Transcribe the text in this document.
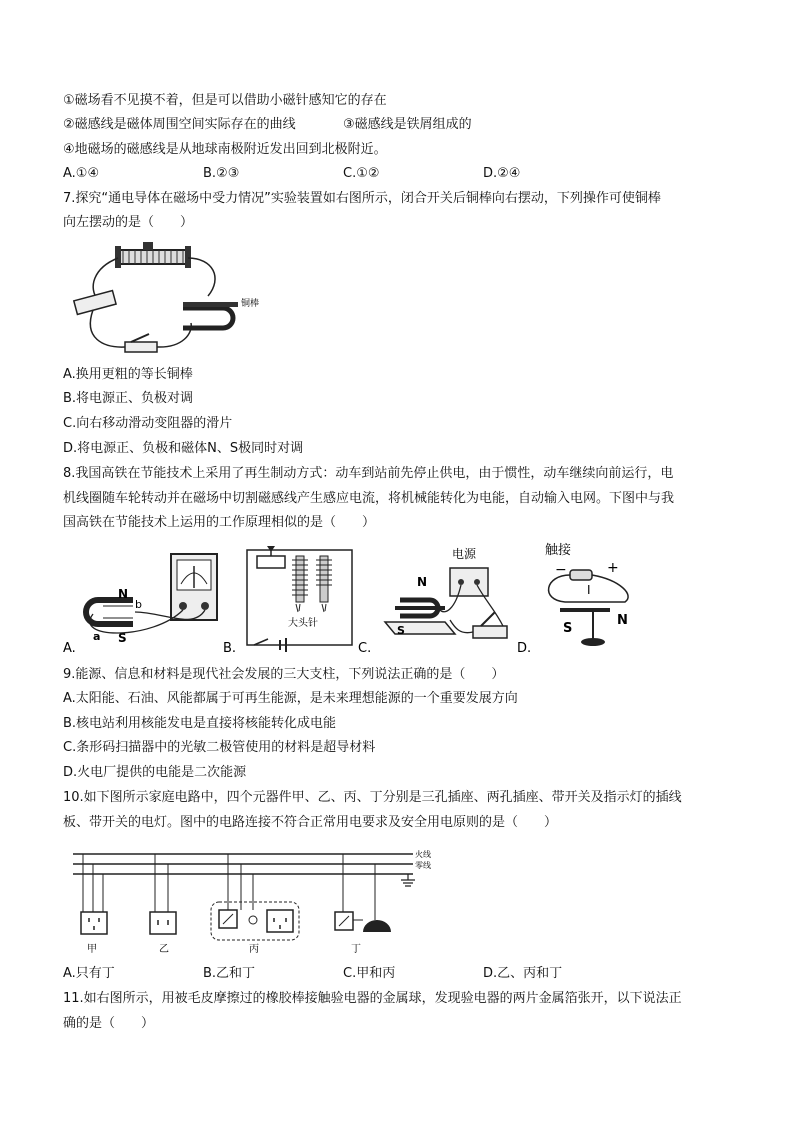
①磁场看不见摸不着，但是可以借助小磁针感知它的存在
②磁感线是磁体周围空间实际存在的曲线	③磁感线是铁屑组成的
④地磁场的磁感线是从地球南极附近发出回到北极附近。
A.①④	B.②③	C.①②	D.②④
7.探究“通电导体在磁场中受力情况”实验装置如右图所示，闭合开关后铜棒向右摆动，下列操作可使铜棒
向左摆动的是（　　）
铜棒
A.换用更粗的等长铜棒
B.将电源正、负极对调
C.向右移动滑动变阻器的滑片
D.将电源正、负极和磁体N、S极同时对调
8.我国高铁在节能技术上采用了再生制动方式：动车到站前先停止供电，由于惯性，动车继续向前运行，电
机线圈随车轮转动并在磁场中切割磁感线产生感应电流，将机械能转化为电能，自动输入电网。下图中与我
国高铁在节能技术上运用的工作原理相似的是（　　）
A.
N
b
a S
B.
大头针
C.
电源
N
S
D.
触接
−	+
I
S
N
9.能源、信息和材料是现代社会发展的三大支柱，下列说法正确的是（　　）
A.太阳能、石油、风能都属于可再生能源，是未来理想能源的一个重要发展方向
B.核电站利用核能发电是直接将核能转化成电能
C.条形码扫描器中的光敏二极管使用的材料是超导材料
D.火电厂提供的电能是二次能源
10.如下图所示家庭电路中，四个元器件甲、乙、丙、丁分别是三孔插座、两孔插座、带开关及指示灯的插线
板、带开关的电灯。图中的电路连接不符合正常用电要求及安全用电原则的是（　　）
火线
零线
甲	乙	丙	丁
A.只有丁	B.乙和丁	C.甲和丙	D.乙、丙和丁
11.如右图所示，用被毛皮摩擦过的橡胶棒接触验电器的金属球，发现验电器的两片金属箔张开，以下说法正
确的是（　　）
